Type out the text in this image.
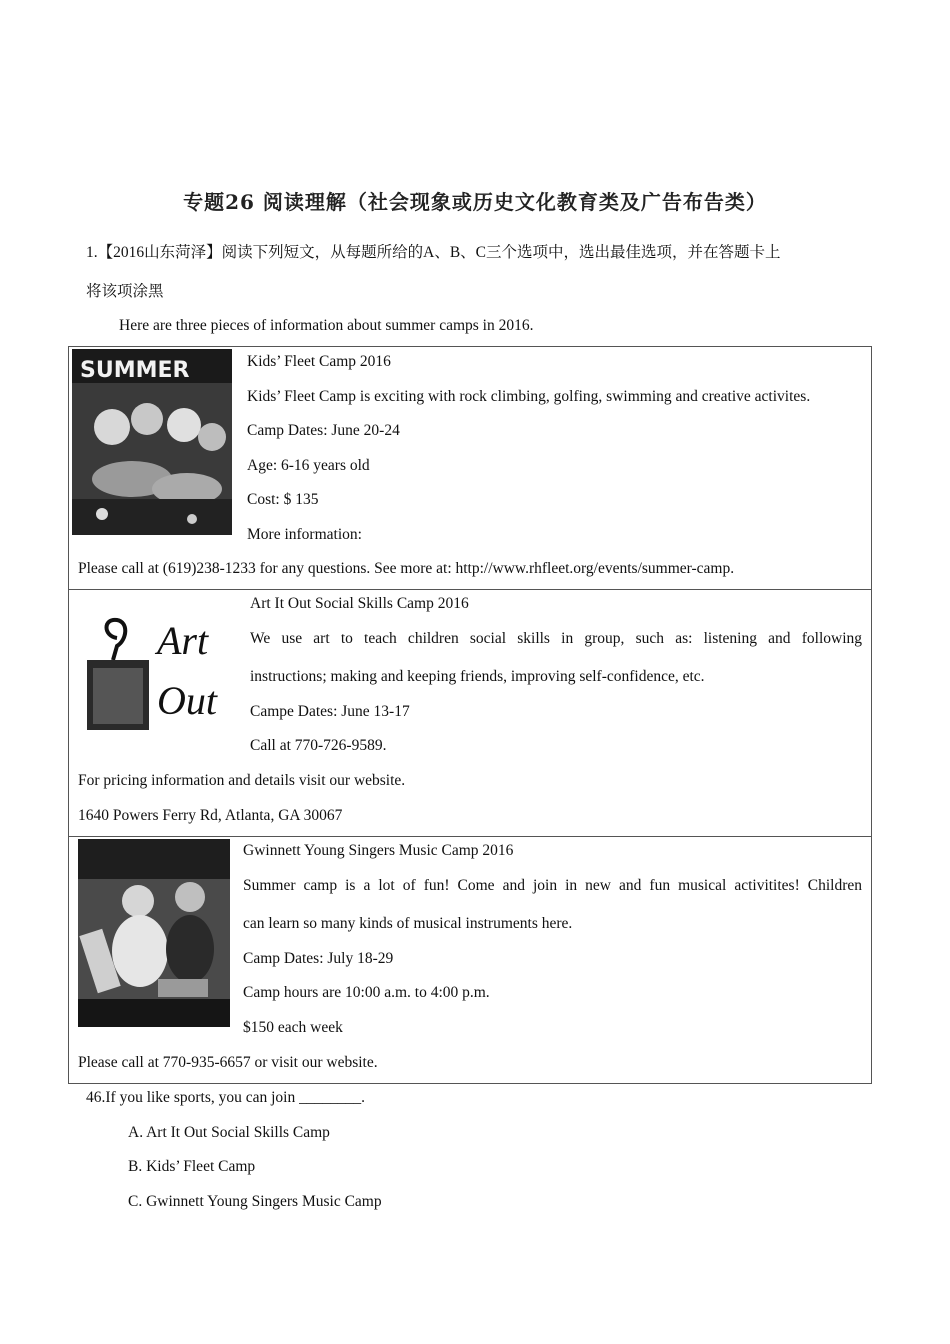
专题26 阅读理解（社会现象或历史文化教育类及广告布告类）
1.【2016山东菏泽】阅读下列短文，从每题所给的A、B、C三个选项中，选出最佳选项，并在答题卡上
将该项涂黑
Here are three pieces of information about summer camps in 2016.
SUMMER	Kids’ Fleet Camp 2016
Kids’ Fleet Camp is exciting with rock climbing, golfing, swimming and creative activites.
Camp Dates: June 20-24
Age: 6-16 years old
Cost: $ 135
More information:
Please call at (619)238-1233 for any questions. See more at: http://www.rhfleet.org/events/summer-camp.
Art
Out
Art It Out Social Skills Camp 2016
We use art to teach children social skills in group, such as: listening and following
instructions; making and keeping friends, improving self-confidence, etc.
Campe Dates: June 13-17
Call at 770-726-9589.
For pricing information and details visit our website.
1640 Powers Ferry Rd, Atlanta, GA 30067
Gwinnett Young Singers Music Camp 2016
Summer camp is a lot of fun! Come and join in new and fun musical activitites! Children
can learn so many kinds of musical instruments here.
Camp Dates: July 18-29
Camp hours are 10:00 a.m. to 4:00 p.m.
$150 each week
Please call at 770-935-6657 or visit our website.
46.If you like sports, you can join ________.
A. Art It Out Social Skills Camp
B. Kids’ Fleet Camp
C. Gwinnett Young Singers Music Camp
